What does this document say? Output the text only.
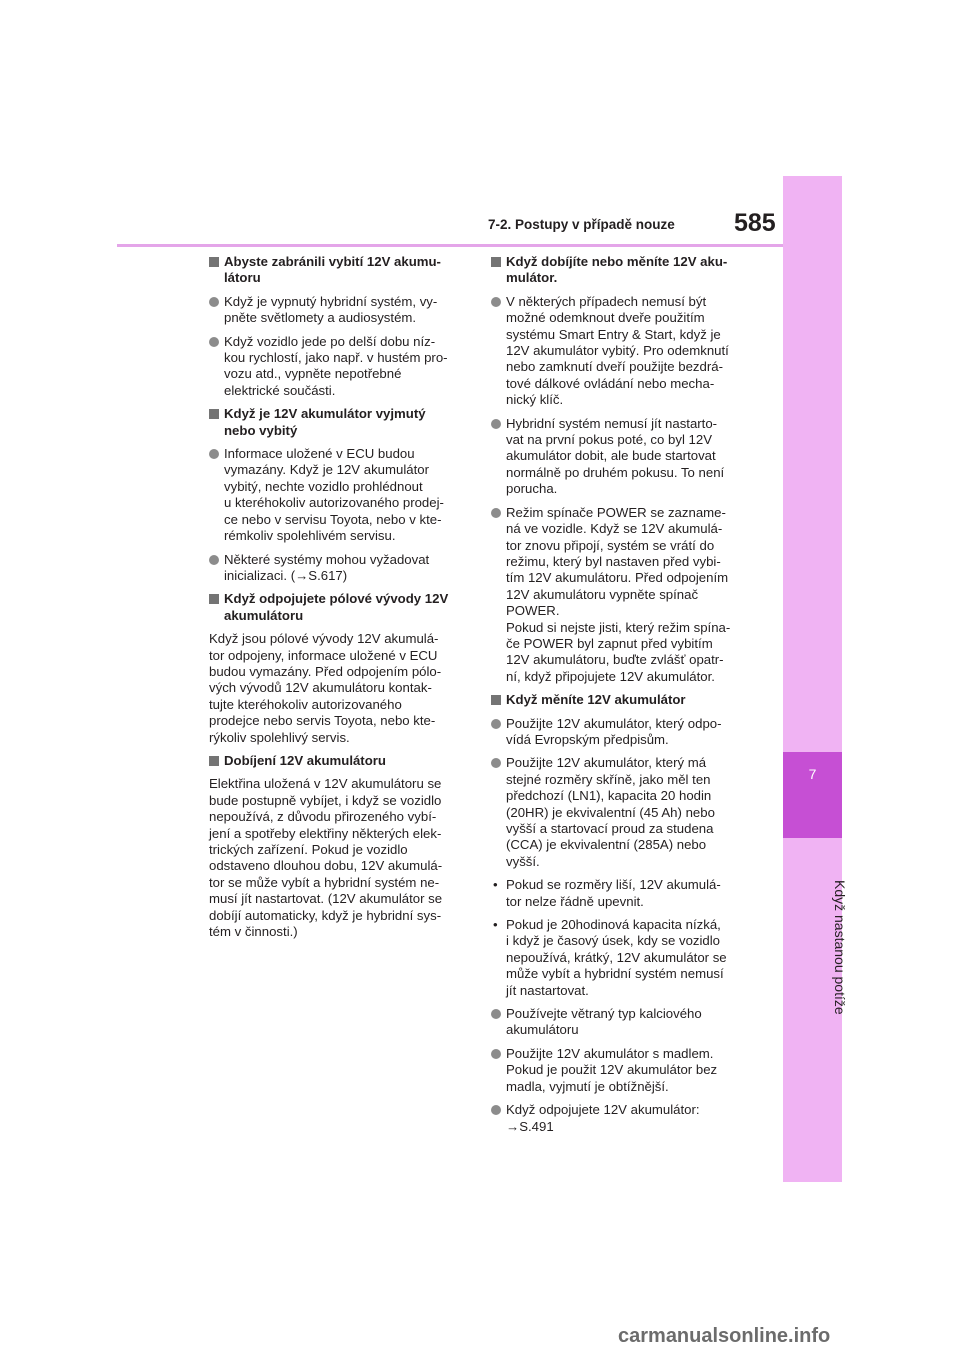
7
Když nastanou potíže
7-2. Postupy v případě nouze 585
Abyste zabránili vybití 12V akumu-
látoru
Když je vypnutý hybridní systém, vy-
pněte světlomety a audiosystém.
Když vozidlo jede po delší dobu níz-
kou rychlostí, jako např. v hustém pro-
vozu atd., vypněte nepotřebné
elektrické součásti.
Když je 12V akumulátor vyjmutý
nebo vybitý
Informace uložené v ECU budou
vymazány. Když je 12V akumulátor
vybitý, nechte vozidlo prohlédnout
u kteréhokoliv autorizovaného prodej-
ce nebo v servisu Toyota, nebo v kte-
rémkoliv spolehlivém servisu.
Některé systémy mohou vyžadovat
inicializaci. (→S.617)
Když odpojujete pólové vývody 12V
akumulátoru
Když jsou pólové vývody 12V akumulá-
tor odpojeny, informace uložené v ECU
budou vymazány. Před odpojením pólo-
vých vývodů 12V akumulátoru kontak-
tujte kteréhokoliv autorizovaného
prodejce nebo servis Toyota, nebo kte-
rýkoliv spolehlivý servis.
Dobíjení 12V akumulátoru
Elektřina uložená v 12V akumulátoru se
bude postupně vybíjet, i když se vozidlo
nepoužívá, z důvodu přirozeného vybí-
jení a spotřeby elektřiny některých elek-
trických zařízení. Pokud je vozidlo
odstaveno dlouhou dobu, 12V akumulá-
tor se může vybít a hybridní systém ne-
musí jít nastartovat. (12V akumulátor se
dobíjí automaticky, když je hybridní sys-
tém v činnosti.)
Když dobíjíte nebo měníte 12V aku-
mulátor.
V některých případech nemusí být
možné odemknout dveře použitím
systému Smart Entry & Start, když je
12V akumulátor vybitý. Pro odemknutí
nebo zamknutí dveří použijte bezdrá-
tové dálkové ovládání nebo mecha-
nický klíč.
Hybridní systém nemusí jít nastarto-
vat na první pokus poté, co byl 12V
akumulátor dobit, ale bude startovat
normálně po druhém pokusu. To není
porucha.
Režim spínače POWER se zazname-
ná ve vozidle. Když se 12V akumulá-
tor znovu připojí, systém se vrátí do
režimu, který byl nastaven před vybi-
tím 12V akumulátoru. Před odpojením
12V akumulátoru vypněte spínač
POWER.
Pokud si nejste jisti, který režim spína-
če POWER byl zapnut před vybitím
12V akumulátoru, buďte zvlášť opatr-
ní, když připojujete 12V akumulátor.
Když měníte 12V akumulátor
Použijte 12V akumulátor, který odpo-
vídá Evropským předpisům.
Použijte 12V akumulátor, který má
stejné rozměry skříně, jako měl ten
předchozí (LN1), kapacita 20 hodin
(20HR) je ekvivalentní (45 Ah) nebo
vyšší a startovací proud za studena
(CCA) je ekvivalentní (285A) nebo
vyšší.
• Pokud se rozměry liší, 12V akumulá-
tor nelze řádně upevnit.
• Pokud je 20hodinová kapacita nízká,
i když je časový úsek, kdy se vozidlo
nepoužívá, krátký, 12V akumulátor se
může vybít a hybridní systém nemusí
jít nastartovat.
Používejte větraný typ kalciového
akumulátoru
Použijte 12V akumulátor s madlem.
Pokud je použit 12V akumulátor bez
madla, vyjmutí je obtížnější.
Když odpojujete 12V akumulátor:
→S.491
carmanualsonline.info
